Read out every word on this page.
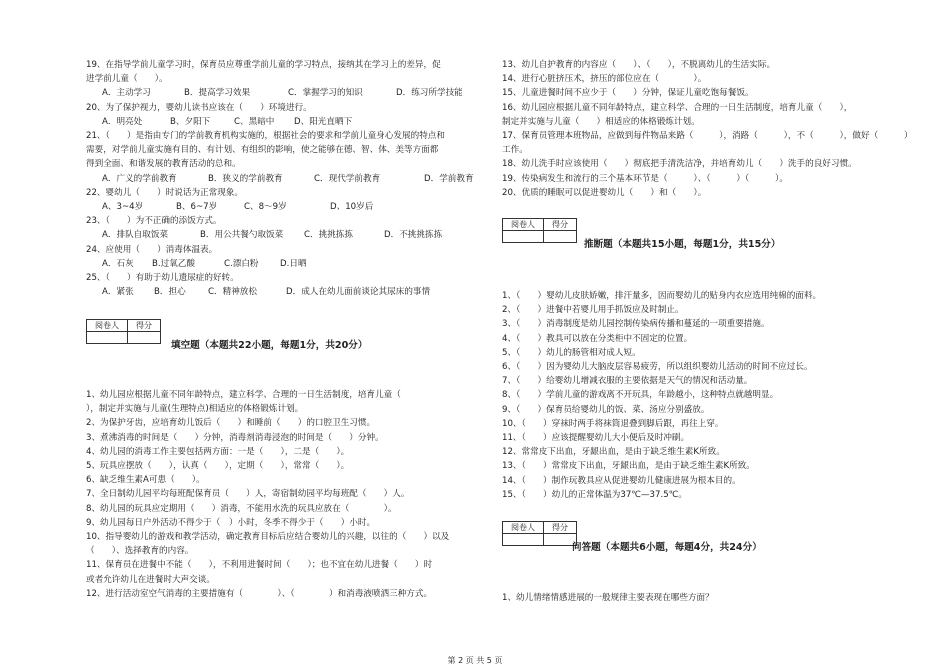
19、在指导学前儿童学习时，保育员应尊重学前儿童的学习特点，接纳其在学习上的差异，促
进学前儿童（　　）。
A．主动学习	B．提高学习效果	C．掌握学习的知识	D．练习所学技能
20、为了保护视力，婴幼儿读书应该在（　　）环境进行。
A．明亮处	B、夕阳下	C、黑暗中 D、阳光直晒下
21、（　　）是指由专门的学前教育机构实施的，根据社会的要求和学前儿童身心发展的特点和
需要，对学前儿童实施有目的、有计划、有组织的影响，使之能够在德、智、体、美等方面都
得到全面、和谐发展的教育活动的总和。
A．广义的学前教育	B．狭义的学前教育	C．现代学前教育	D．学前教育
22、婴幼儿（　　）时说话为正常现象。
A、3~4岁	B、6~7岁	C、8～9岁	D、10岁后
23、（　　）为不正确的添饭方式。
A．排队自取饭菜	B．用公共餐勺取饭菜 C．挑挑拣拣	D．不挑挑拣拣
24、应使用（　　）消毒体温表。
A．石灰 B.过氧乙酸	C.漂白粉 D.日晒
25、（　　）有助于幼儿遗尿症的好转。
A．紧张 B．担心	C．精神放松	D．成人在幼儿面前谈论其尿床的事情
阅卷人	得分

填空题（本题共22小题，每题1分，共20分）
1、幼儿园应根据儿童不同年龄特点，建立科学、合理的一日生活制度，培育儿童（
），制定并实施与儿童(生理特点)相适应的体格锻炼计划。
2、为保护牙齿，应培育幼儿饭后（　　）和睡前（　　）的口腔卫生习惯。
3、煮沸消毒的时间是（　　）分钟，消毒剂消毒浸泡的时间是（　　）分钟。
4、幼儿园的消毒工作主要包括两方面：一是（　　），二是（　　）。
5、玩具应摆放（　　），认真（　　），定期（　　），常常（　　）。
6、缺乏维生素A可患（　　）。
7、全日制幼儿园平均每班配保育员（　　）人，寄宿制幼园平均每班配（　　）人。
8、幼儿园的玩具应定期用（　　）消毒，不能用水洗的玩具应放在（　　　　）。
9、幼儿园每日户外活动不得少于（　）小时，冬季不得少于（　　）小时。
10、指导婴幼儿的游戏和教学活动，确定教育目标后应结合婴幼儿的兴趣，以往的（　　）以及
（　　）、选择教育的内容。
11、保育员在进餐中不能（　　），不利用进餐时间（　　）；也不宜在幼儿进餐（　　）时
或者允许幼儿在进餐时大声交谈。
12、进行活动室空气消毒的主要措施有（　　　　）、（　　　　）和消毒液喷洒三种方式。
13、幼儿自护教育的内容应（　　）、（　　），不脱离幼儿的生活实际。
14、进行心脏挤压术，挤压的部位应在（　　　　）。
15、儿童进餐时间不应少于（　　）分钟，保证儿童吃饱每餐饭。
16、幼儿园应根据儿童不同年龄特点，建立科学、合理的一日生活制度，培育儿童（　　），
制定并实施与儿童（　　）相适应的体格锻炼计划。
17、保育员管理本班物品，应做到每件物品来路（　　　），消路（　　　），不（　　　），做好（　　　）
工作。
18、幼儿洗手时应该使用（　　）彻底把手清洗洁净，并培育幼儿（　　）洗手的良好习惯。
19、传染病发生和流行的三个基本环节是（　　　）、（　　　）（　　　）。
20、优质的睡眠可以促进婴幼儿（　　）和（　　）。
阅卷人	得分

推断题（本题共15小题，每题1分，共15分）
1、（　　）婴幼儿皮肤娇嫩，排汗量多，因而婴幼儿的贴身内衣应选用纯棉的面料。
2、（　　）进餐中若婴儿用手抓饭应及时制止。
3、（　　）消毒制度是幼儿园控制传染病传播和蔓延的一项重要措施。
4、（　　）教具可以放在分类柜中不固定的位置。
5、（　　）幼儿的肠管相对成人短。
6、（　　）因为婴幼儿大脑皮层容易疲劳，所以组织婴幼儿活动的时间不应过长。
7、（　　）给婴幼儿增减衣服的主要依据是天气的情况和活动量。
8、（　　）学前儿童的游戏离不开玩具，年龄越小，这种特点就越明显。
9、（　　）保育员给婴幼儿的饭、菜、汤应分别盛放。
10、（　　）穿袜时两手将袜筒退叠到脚后跟，再往上穿。
11、（　　）应该提醒婴幼儿大小便后及时冲刷。
12、常常皮下出血，牙龈出血，是由于缺乏维生素K所致。
13、（　　）常常皮下出血，牙龈出血，是由于缺乏维生素K所致。
14、（　　）制作玩教具应从促进婴幼儿健康进展为根本目的。
15、（　　）幼儿的正常体温为37℃—37.5℃。
阅卷人	得分

问答题（本题共6小题，每题4分，共24分）
1、幼儿情绪情感进展的一般规律主要表现在哪些方面？
第 2 页 共 5 页
